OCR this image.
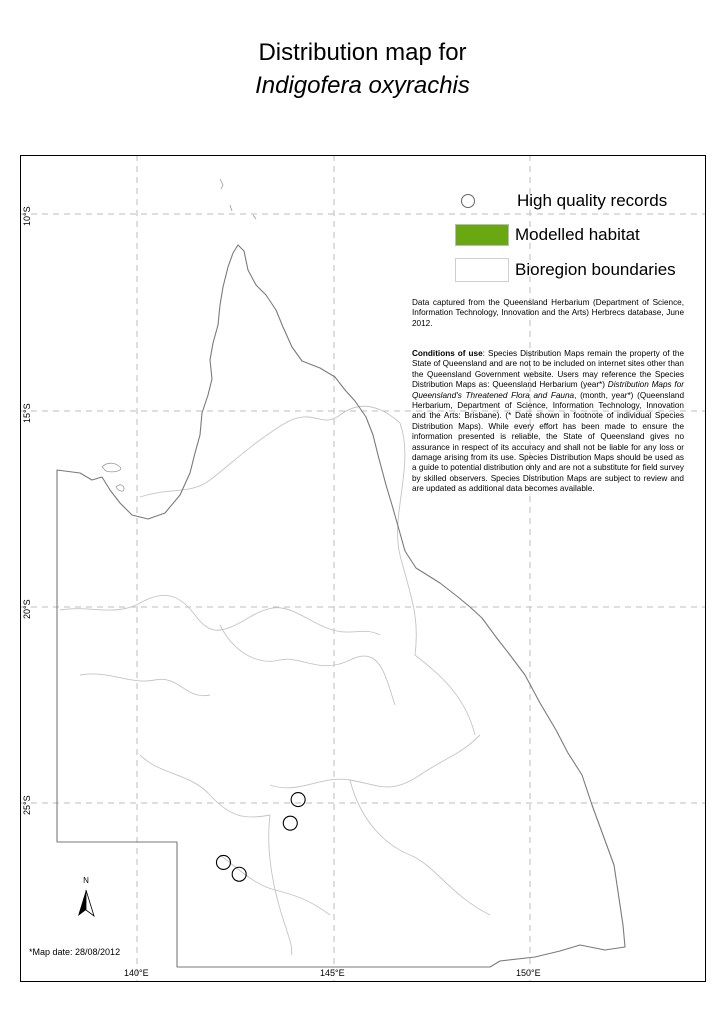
Distribution map for
Indigofera oxyrachis
High quality records
Modelled habitat
Bioregion boundaries
Data captured from the Queensland Herbarium (Department of Science, Information Technology, Innovation and the Arts) Herbrecs database, June 2012.
Conditions of use: Species Distribution Maps remain the property of the State of Queensland and are not to be included on internet sites other than the Queensland Government website. Users may reference the Species Distribution Maps as: Queensland Herbarium (year*) Distribution Maps for Queensland's Threatened Flora and Fauna, (month, year*) (Queensland Herbarium, Department of Science, Information Technology, Innovation and the Arts: Brisbane). (* Date shown in footnote of individual Species Distribution Maps). While every effort has been made to ensure the information presented is reliable, the State of Queensland gives no assurance in respect of its accuracy and shall not be liable for any loss or damage arising from its use. Species Distribution Maps should be used as a guide to potential distribution only and are not a substitute for field survey by skilled observers. Species Distribution Maps are subject to review and are updated as additional data becomes available.
10°S
15°S
20°S
25°S
140°E	145°E	150°E
N
*Map date: 28/08/2012
